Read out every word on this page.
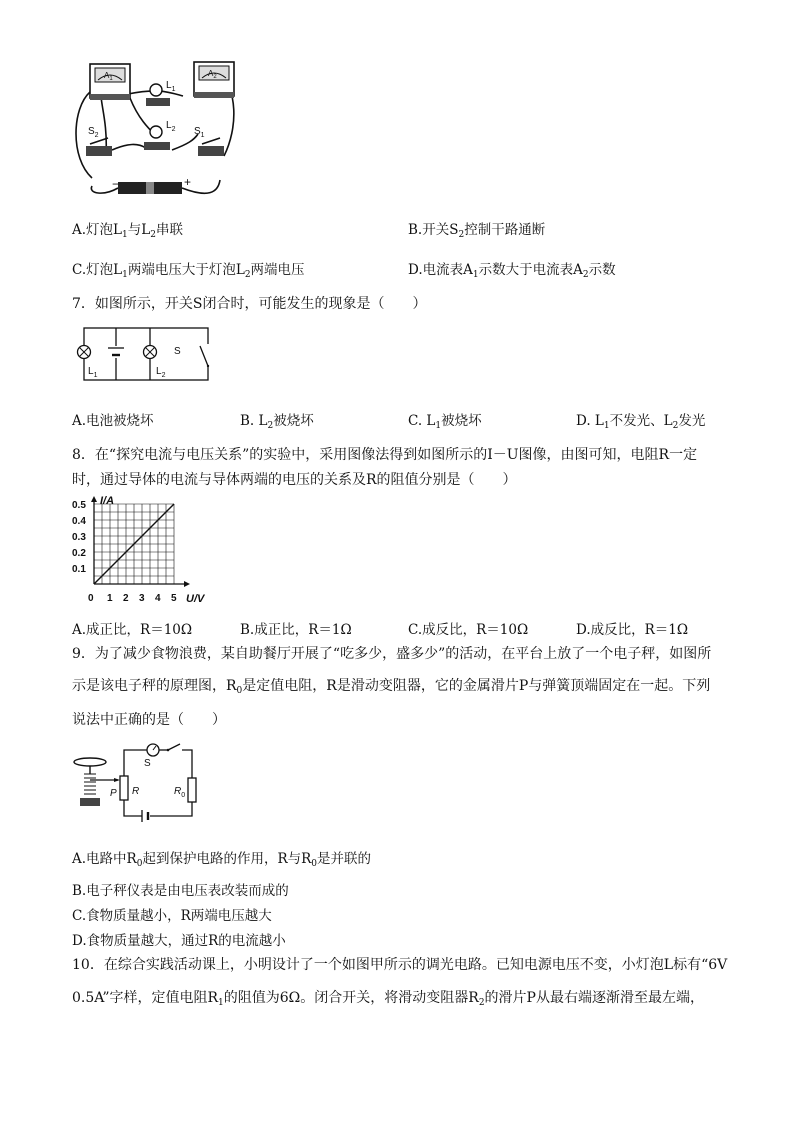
$A_1$
$A_2$
$L_1$
$L_2$
$S_2$	$S_1$
−	+
A.灯泡$L_1$与$L_2$串联	B.开关$S_2$控制干路通断
C.灯泡$L_1$两端电压大于灯泡$L_2$两端电压	D.电流表$A_1$示数大于电流表$A_2$示数
7．如图所示，开关S闭合时，可能发生的现象是（　　）
$L_1$	$L_2$
S
A.电池被烧坏	B. $L_2$被烧坏	C. $L_1$被烧坏	D. $L_1$不发光、$L_2$发光
8．在“探究电流与电压关系”的实验中，采用图像法得到如图所示的I－U图像，由图可知，电阻R一定
时，通过导体的电流与导体两端的电压的关系及R的阻值分别是（　　）
1 2 3 4 5
0.1
0.2
0.3
0.4
0.5 I/A
U/V
0
A.成正比，R＝10Ω	B.成正比，R＝1Ω	C.成反比，R＝10Ω	D.成反比，R＝1Ω
9．为了减少食物浪费，某自助餐厅开展了“吃多少，盛多少”的活动，在平台上放了一个电子秤，如图所
示是该电子秤的原理图，$R_0$是定值电阻，R是滑动变阻器，它的金属滑片P与弹簧顶端固定在一起。下列
说法中正确的是（　　）
S
P R	$R_0$
A.电路中$R_0$起到保护电路的作用，R与$R_0$是并联的
B.电子秤仪表是由电压表改装而成的
C.食物质量越小，R两端电压越大
D.食物质量越大，通过R的电流越小
10．在综合实践活动课上，小明设计了一个如图甲所示的调光电路。已知电源电压不变，小灯泡L标有“6V
0.5A”字样，定值电阻$R_1$的阻值为6Ω。闭合开关，将滑动变阻器$R_2$的滑片P从最右端逐渐滑至最左端，
